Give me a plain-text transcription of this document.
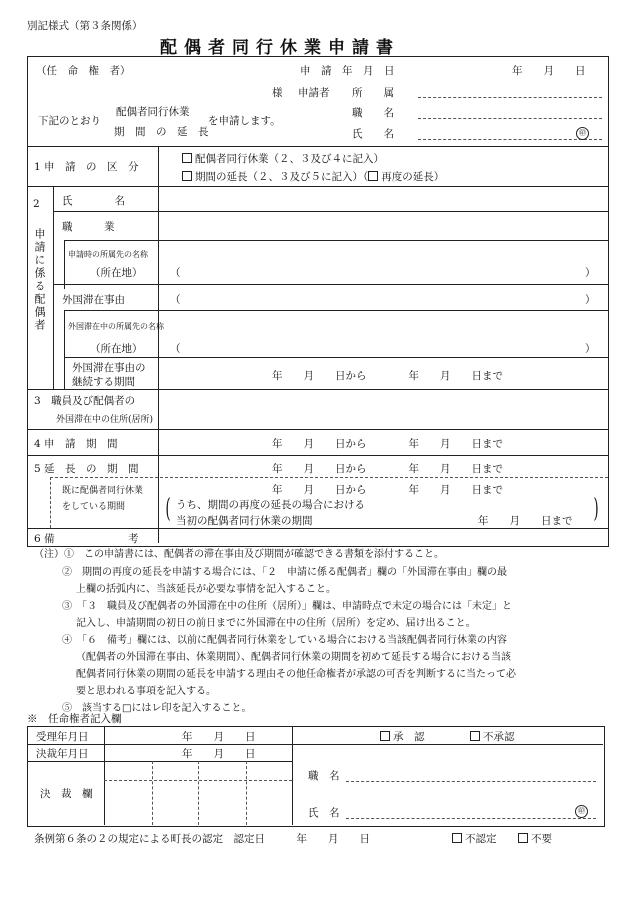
別記様式（第３条関係）
配偶者同行休業申請書
（任　命　権　者）
様
申　請　年　月　日	年　　月　　日
申請者 所　　属
職　　名
氏　　名	㊞
下記のとおり
配偶者同行休業
期　間　の　延　長
を申請します。
1 申　請　の　区　分
配偶者同行休業（２、３及び４に記入）
期間の延長（２、３及び５に記入）（ 再度の延長）
2
申請に係る配偶者
氏　　　　名
職　　　業
申請時の所属先の名称
（所在地）	（	）
外国滞在事由	（	）
外国滞在中の所属先の名称
（所在地）	（	）
外国滞在事由の
継続する期間	年　　月　　日から　　　　年　　月　　日まで
3　職員及び配偶者の
外国滞在中の住所(居所)
4 申　請　期　間	年　　月　　日から　　　　年　　月　　日まで
5 延　長　の　期　間	年　　月　　日から　　　　年　　月　　日まで
既に配偶者同行休業
をしている期間
年　　月　　日から　　　　年　　月　　日まで
(	)
うち、期間の再度の延長の場合における
当初の配偶者同行休業の期間	年　　月　　日まで
6 備　　　　　　　考
（注）①　この申請書には、配偶者の滞在事由及び期間が確認できる書類を添付すること。
②　期間の再度の延長を申請する場合には、「２　申請に係る配偶者」欄の「外国滞在事由」欄の最
上欄の括弧内に、当該延長が必要な事情を記入すること。
③　「３　職員及び配偶者の外国滞在中の住所（居所）」欄は、申請時点で未定の場合には「未定」と
記入し、申請期間の初日の前日までに外国滞在中の住所（居所）を定め、届け出ること。
④　「６　備考」欄には、以前に配偶者同行休業をしている場合における当該配偶者同行休業の内容
（配偶者の外国滞在事由、休業期間）、配偶者同行休業の期間を初めて延長する場合における当該
配偶者同行休業の期間の延長を申請する理由その他任命権者が承認の可否を判断するに当たって必
要と思われる事項を記入する。
⑤　該当する□にはレ印を記入すること。
※　任命権者記入欄
受理年月日	年　　月　　日
決裁年月日	年　　月　　日
決　裁　欄
承　認	不承認
職　名
氏　名	㊞
条例第６条の２の規定による町長の認定　認定日　　　年　　月　　日	不認定	不要
